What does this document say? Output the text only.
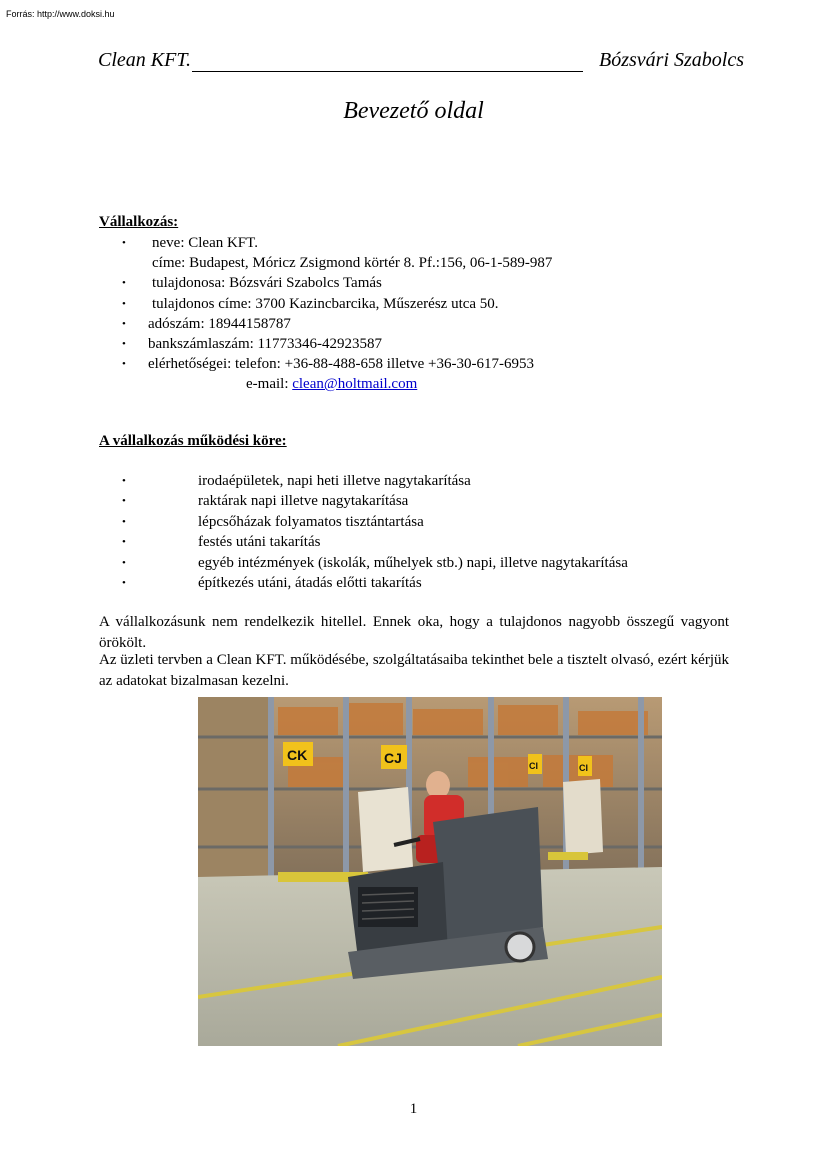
Forrás: http://www.doksi.hu
Clean KFT.	Bózsvári Szabolcs
Bevezető oldal
Vállalkozás:
• neve: Clean KFT.
címe: Budapest, Móricz Zsigmond körtér 8. Pf.:156, 06-1-589-987
• tulajdonosa: Bózsvári Szabolcs Tamás
• tulajdonos címe: 3700 Kazincbarcika, Műszerész utca 50.
• adószám: 18944158787
• bankszámlaszám: 11773346-42923587
• elérhetőségei: telefon: +36-88-488-658 illetve +36-30-617-6953
e-mail: clean@holtmail.com
A vállalkozás működési köre:
•	irodaépületek, napi heti illetve nagytakarítása
•	raktárak napi illetve nagytakarítása
•	lépcsőházak folyamatos tisztántartása
•	festés utáni takarítás
•	egyéb intézmények (iskolák, műhelyek stb.) napi, illetve nagytakarítása
•	építkezés utáni, átadás előtti takarítás
A vállalkozásunk nem rendelkezik hitellel. Ennek oka, hogy a tulajdonos nagyobb összegű vagyont örökölt.
Az üzleti tervben a Clean KFT. működésébe, szolgáltatásaiba tekinthet bele a tisztelt olvasó, ezért kérjük az adatokat bizalmasan kezelni.
CK	CJ	CI	CI
1
